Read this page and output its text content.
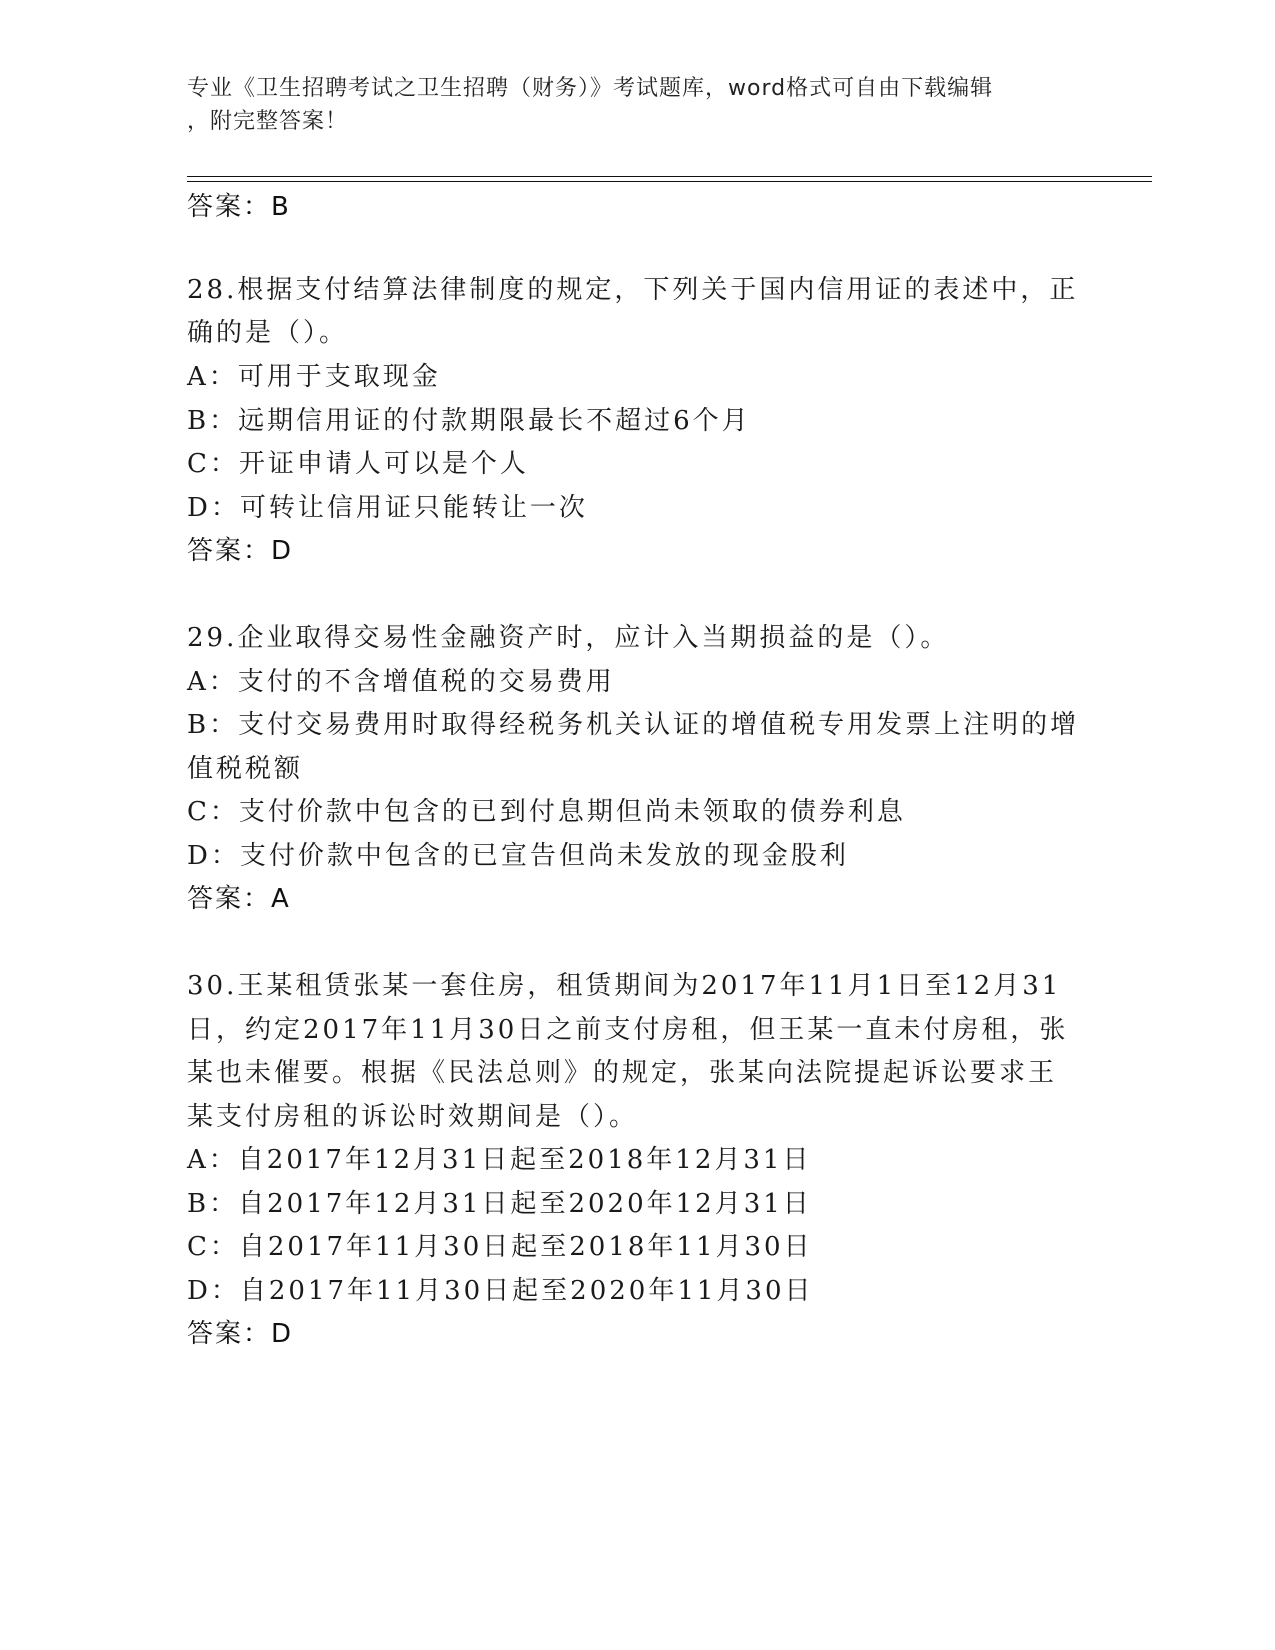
专业《卫生招聘考试之卫生招聘（财务）》考试题库，word格式可自由下载编辑
，附完整答案！
答案：B
28.根据支付结算法律制度的规定，下列关于国内信用证的表述中，正
确的是（）。
A：可用于支取现金
B：远期信用证的付款期限最长不超过6个月
C：开证申请人可以是个人
D：可转让信用证只能转让一次
答案：D
29.企业取得交易性金融资产时，应计入当期损益的是（）。
A：支付的不含增值税的交易费用
B：支付交易费用时取得经税务机关认证的增值税专用发票上注明的增
值税税额
C：支付价款中包含的已到付息期但尚未领取的债券利息
D：支付价款中包含的已宣告但尚未发放的现金股利
答案：A
30.王某租赁张某一套住房，租赁期间为2017年11月1日至12月31
日，约定2017年11月30日之前支付房租，但王某一直未付房租，张
某也未催要。根据《民法总则》的规定，张某向法院提起诉讼要求王
某支付房租的诉讼时效期间是（）。
A：自2017年12月31日起至2018年12月31日
B：自2017年12月31日起至2020年12月31日
C：自2017年11月30日起至2018年11月30日
D：自2017年11月30日起至2020年11月30日
答案：D
